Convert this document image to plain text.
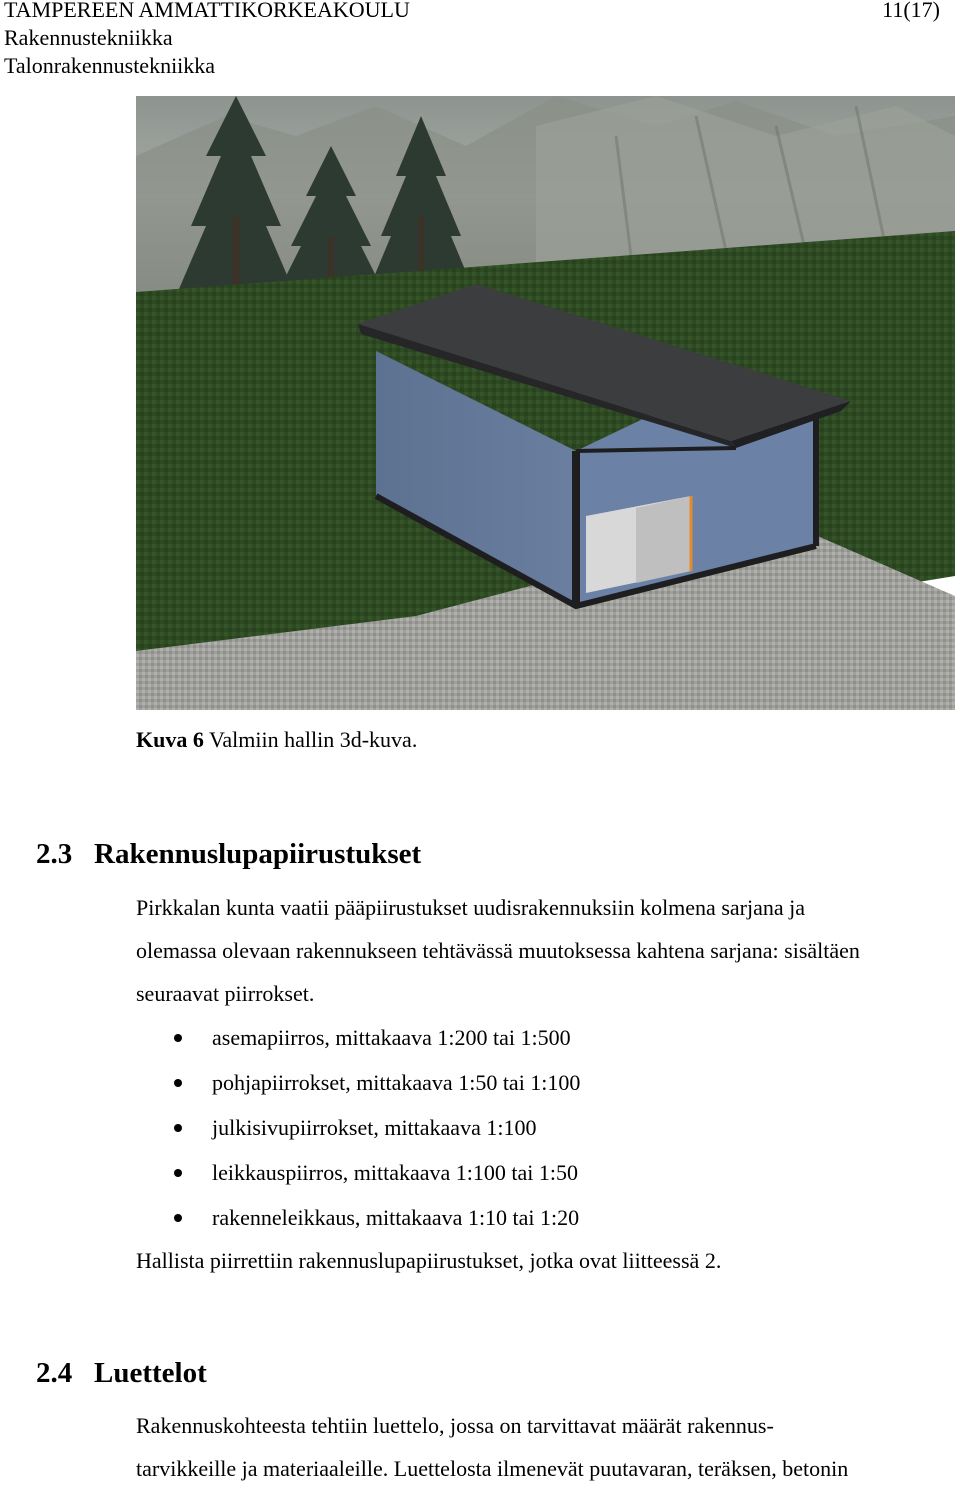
TAMPEREEN AMMATTIKORKEAKOULU
Rakennustekniikka
Talonrakennustekniikka
11(17)
Kuva 6 Valmiin hallin 3d-kuva.
2.3 Rakennuslupapiirustukset
Pirkkalan kunta vaatii pääpiirustukset uudisrakennuksiin kolmena sarjana ja
olemassa olevaan rakennukseen tehtävässä muutoksessa kahtena sarjana: sisältäen
seuraavat piirrokset.
asemapiirros, mittakaava 1:200 tai 1:500
pohjapiirrokset, mittakaava 1:50 tai 1:100
julkisivupiirrokset, mittakaava 1:100
leikkauspiirros, mittakaava 1:100 tai 1:50
rakenneleikkaus, mittakaava 1:10 tai 1:20
Hallista piirrettiin rakennuslupapiirustukset, jotka ovat liitteessä 2.
2.4 Luettelot
Rakennuskohteesta tehtiin luettelo, jossa on tarvittavat määrät rakennus-
tarvikkeille ja materiaaleille. Luettelosta ilmenevät puutavaran, teräksen, betonin
